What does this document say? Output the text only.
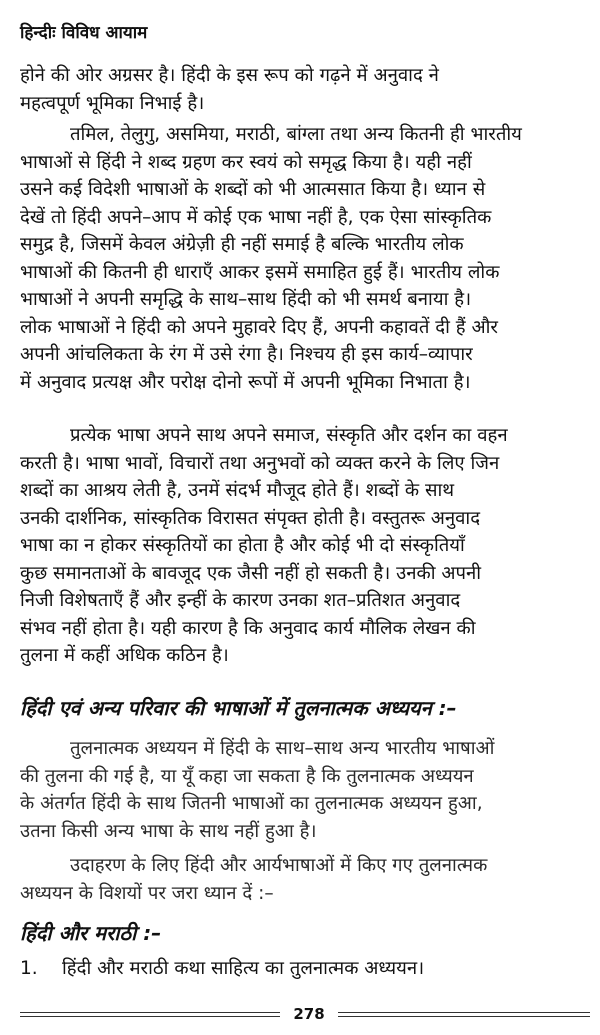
हिन्दीः विविध आयाम
होने की ओर अग्रसर है। हिंदी के इस रूप को गढ़ने में अनुवाद ने
महत्वपूर्ण भूमिका निभाई है।
तमिल, तेलुगु, असमिया, मराठी, बांग्ला तथा अन्य कितनी ही भारतीय
भाषाओं से हिंदी ने शब्द ग्रहण कर स्वयं को समृद्ध किया है। यही नहीं
उसने कई विदेशी भाषाओं के शब्दों को भी आत्मसात किया है। ध्यान से
देखें तो हिंदी अपने–आप में कोई एक भाषा नहीं है, एक ऐसा सांस्कृतिक
समुद्र है, जिसमें केवल अंग्रेज़ी ही नहीं समाई है बल्कि भारतीय लोक
भाषाओं की कितनी ही धाराएँ आकर इसमें समाहित हुई हैं। भारतीय लोक
भाषाओं ने अपनी समृद्धि के साथ–साथ हिंदी को भी समर्थ बनाया है।
लोक भाषाओं ने हिंदी को अपने मुहावरे दिए हैं, अपनी कहावतें दी हैं और
अपनी आंचलिकता के रंग में उसे रंगा है। निश्चय ही इस कार्य–व्यापार
में अनुवाद प्रत्यक्ष और परोक्ष दोनो रूपों में अपनी भूमिका निभाता है।
प्रत्येक भाषा अपने साथ अपने समाज, संस्कृति और दर्शन का वहन
करती है। भाषा भावों, विचारों तथा अनुभवों को व्यक्त करने के लिए जिन
शब्दों का आश्रय लेती है, उनमें संदर्भ मौजूद होते हैं। शब्दों के साथ
उनकी दार्शनिक, सांस्कृतिक विरासत संपृक्त होती है। वस्तुतरू अनुवाद
भाषा का न होकर संस्कृतियों का होता है और कोई भी दो संस्कृतियाँ
कुछ समानताओं के बावजूद एक जैसी नहीं हो सकती है। उनकी अपनी
निजी विशेषताएँ हैं और इन्हीं के कारण उनका शत–प्रतिशत अनुवाद
संभव नहीं होता है। यही कारण है कि अनुवाद कार्य मौलिक लेखन की
तुलना में कहीं अधिक कठिन है।
हिंदी एवं अन्य परिवार की भाषाओं में तुलनात्मक अध्ययन :–
तुलनात्मक अध्ययन में हिंदी के साथ–साथ अन्य भारतीय भाषाओं
की तुलना की गई है, या यूँ कहा जा सकता है कि तुलनात्मक अध्ययन
के अंतर्गत हिंदी के साथ जितनी भाषाओं का तुलनात्मक अध्ययन हुआ,
उतना किसी अन्य भाषा के साथ नहीं हुआ है।
उदाहरण के लिए हिंदी और आर्यभाषाओं में किए गए तुलनात्मक
अध्ययन के विशयों पर जरा ध्यान दें :–
हिंदी और मराठी :–
1. हिंदी और मराठी कथा साहित्य का तुलनात्मक अध्ययन।
278
